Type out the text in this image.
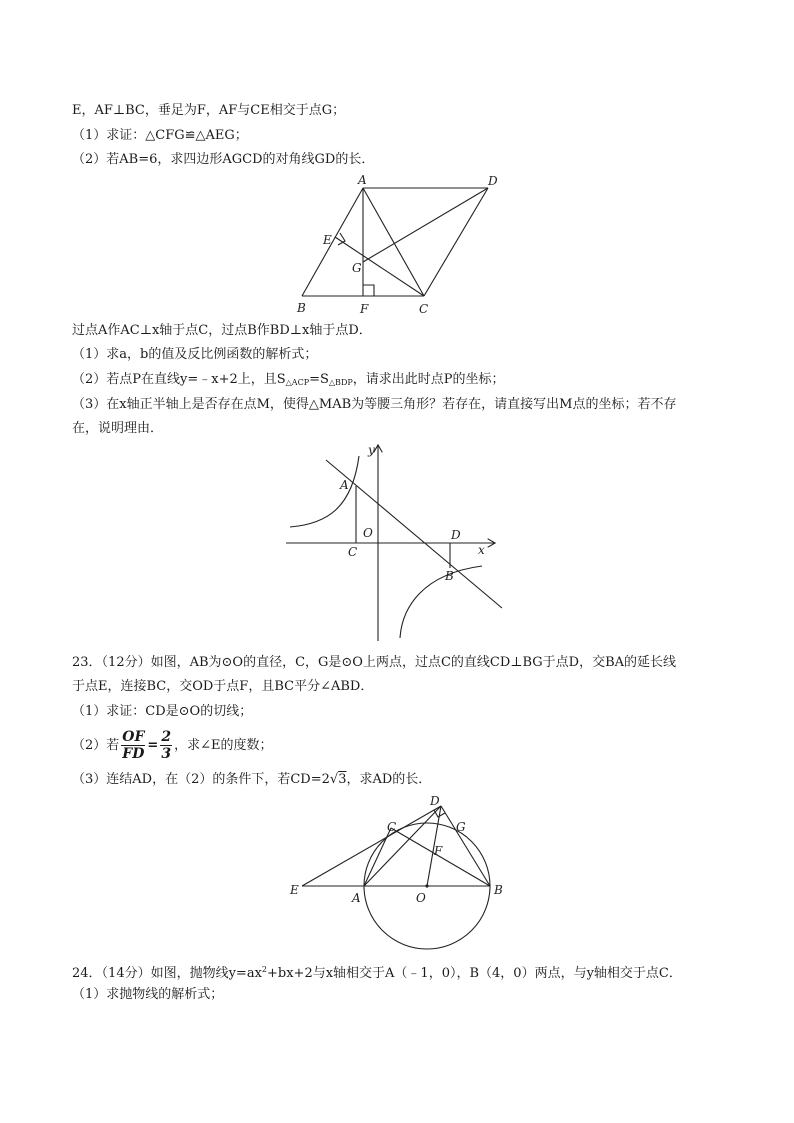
E，AF⊥BC，垂足为F，AF与CE相交于点G；
（1）求证：△CFG≌△AEG；
（2）若AB=6，求四边形AGCD的对角线GD的长．
A	D
E
G
B	F	C
过点A作AC⊥x轴于点C，过点B作BD⊥x轴于点D．
（1）求a，b的值及反比例函数的解析式；
（2）若点P在直线y=﹣x+2上，且$S_{\triangle ACP}=S_{\triangle BDP}$，请求出此时点P的坐标；
（3）在x轴正半轴上是否存在点M，使得△MAB为等腰三角形？若存在，请直接写出M点的坐标；若不存
在，说明理由．
y
x
A
O
C
D
B
23．（12分）如图，AB为⊙O的直径，C，G是⊙O上两点，过点C的直线CD⊥BG于点D，交BA的延长线
于点E，连接BC，交OD于点F，且BC平分∠ABD．
（1）求证：CD是⊙O的切线；
（2）若 $\frac{OF}{FD} = \frac{2}{3}$ ，求∠E的度数；
（3）连结AD，在（2）的条件下，若CD=2√3，求AD的长．
D
C	G
F
E
A	O
B
24．（14分）如图，抛物线$y=ax^2+bx+2$与x轴相交于A（﹣1，0），B（4，0）两点，与y轴相交于点C．
（1）求抛物线的解析式；
